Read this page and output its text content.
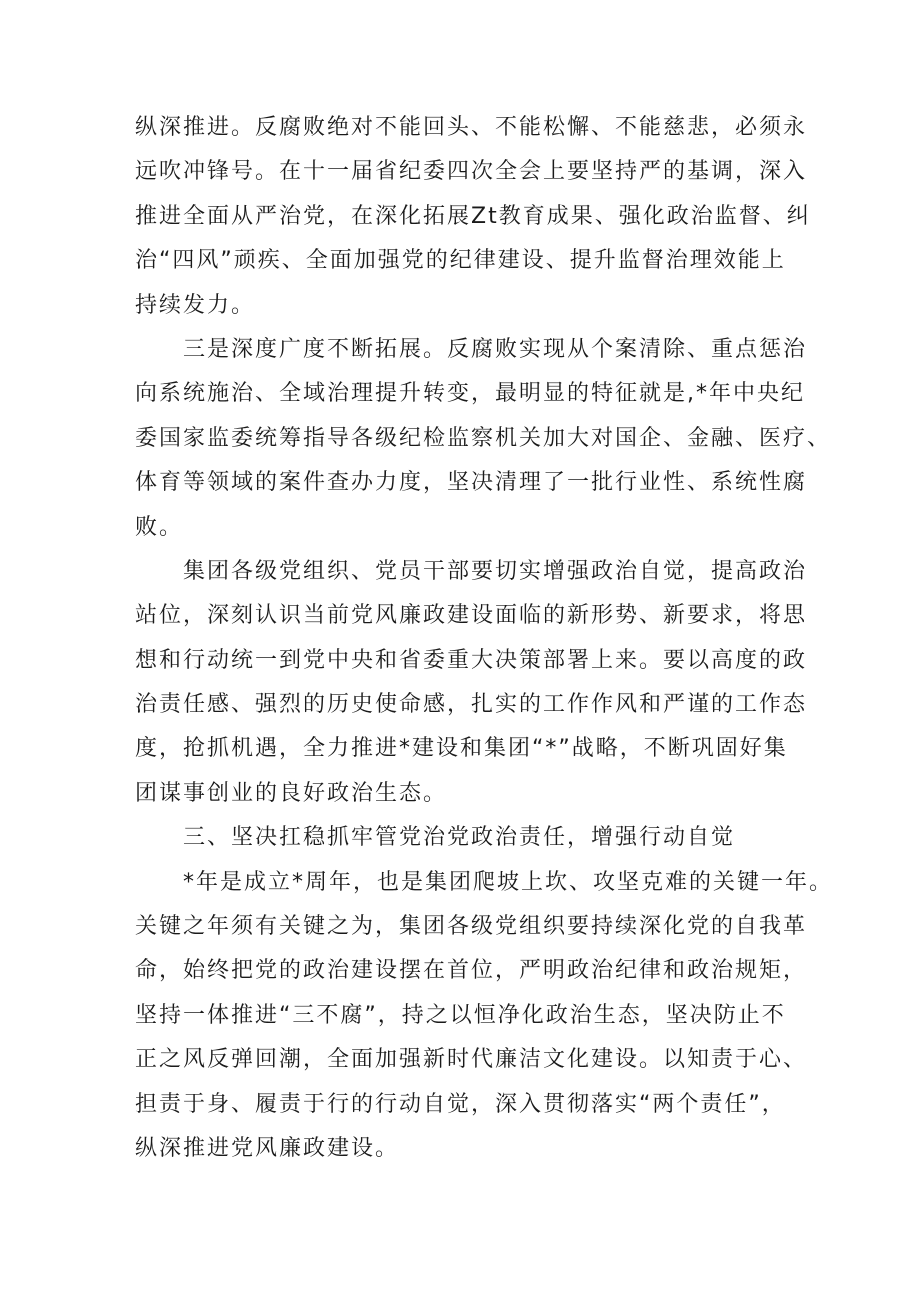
纵深推进。反腐败绝对不能回头、不能松懈、不能慈悲，必须永
远吹冲锋号。在十一届省纪委四次全会上要坚持严的基调，深入
推进全面从严治党，在深化拓展Zt教育成果、强化政治监督、纠
治“四风”顽疾、全面加强党的纪律建设、提升监督治理效能上
持续发力。
三是深度广度不断拓展。反腐败实现从个案清除、重点惩治
向系统施治、全域治理提升转变，最明显的特征就是,*年中央纪
委国家监委统筹指导各级纪检监察机关加大对国企、金融、医疗、
体育等领域的案件查办力度，坚决清理了一批行业性、系统性腐
败。
集团各级党组织、党员干部要切实增强政治自觉，提高政治
站位，深刻认识当前党风廉政建设面临的新形势、新要求，将思
想和行动统一到党中央和省委重大决策部署上来。要以高度的政
治责任感、强烈的历史使命感，扎实的工作作风和严谨的工作态
度，抢抓机遇，全力推进*建设和集团“*”战略，不断巩固好集
团谋事创业的良好政治生态。
三、坚决扛稳抓牢管党治党政治责任，增强行动自觉
*年是成立*周年，也是集团爬坡上坎、攻坚克难的关键一年。
关键之年须有关键之为，集团各级党组织要持续深化党的自我革
命，始终把党的政治建设摆在首位，严明政治纪律和政治规矩，
坚持一体推进“三不腐”，持之以恒净化政治生态，坚决防止不
正之风反弹回潮，全面加强新时代廉洁文化建设。以知责于心、
担责于身、履责于行的行动自觉，深入贯彻落实“两个责任”，
纵深推进党风廉政建设。
